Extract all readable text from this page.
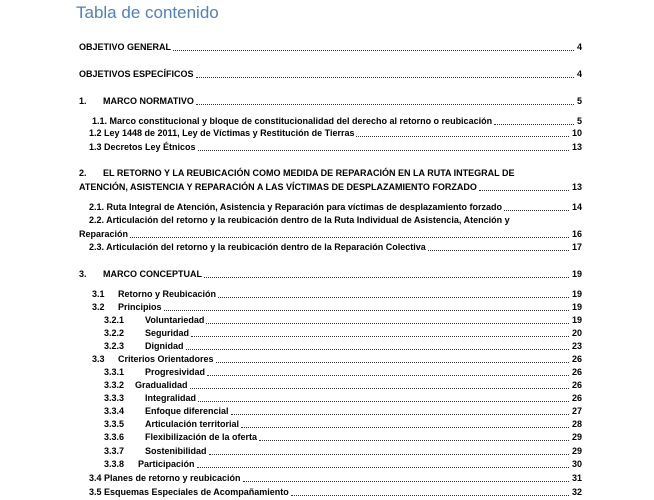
Tabla de contenido
OBJETIVO GENERAL	4
OBJETIVOS ESPECÍFICOS	4
1. MARCO NORMATIVO	5
1.1. Marco constitucional y bloque de constitucionalidad del derecho al retorno o reubicación	5
1.2 Ley 1448 de 2011, Ley de Víctimas y Restitución de Tierras	10
1.3 Decretos Ley Étnicos	13
2. EL RETORNO Y LA REUBICACIÓN COMO MEDIDA DE REPARACIÓN EN LA RUTA INTEGRAL DE
ATENCIÓN, ASISTENCIA Y REPARACIÓN A LAS VÍCTIMAS DE DESPLAZAMIENTO FORZADO	13
2.1. Ruta Integral de Atención, Asistencia y Reparación para víctimas de desplazamiento forzado	14
2.2. Articulación del retorno y la reubicación dentro de la Ruta Individual de Asistencia, Atención y
Reparación	16
2.3. Articulación del retorno y la reubicación dentro de la Reparación Colectiva	17
3. MARCO CONCEPTUAL	19
3.1 Retorno y Reubicación	19
3.2 Principios	19
3.2.1 Voluntariedad	19
3.2.2 Seguridad	20
3.2.3 Dignidad	23
3.3 Criterios Orientadores	26
3.3.1 Progresividad	26
3.3.2 Gradualidad	26
3.3.3 Integralidad	26
3.3.4 Enfoque diferencial	27
3.3.5 Articulación territorial	28
3.3.6 Flexibilización de la oferta	29
3.3.7 Sostenibilidad	29
3.3.8 Participación	30
3.4 Planes de retorno y reubicación	31
3.5 Esquemas Especiales de Acompañamiento	32
